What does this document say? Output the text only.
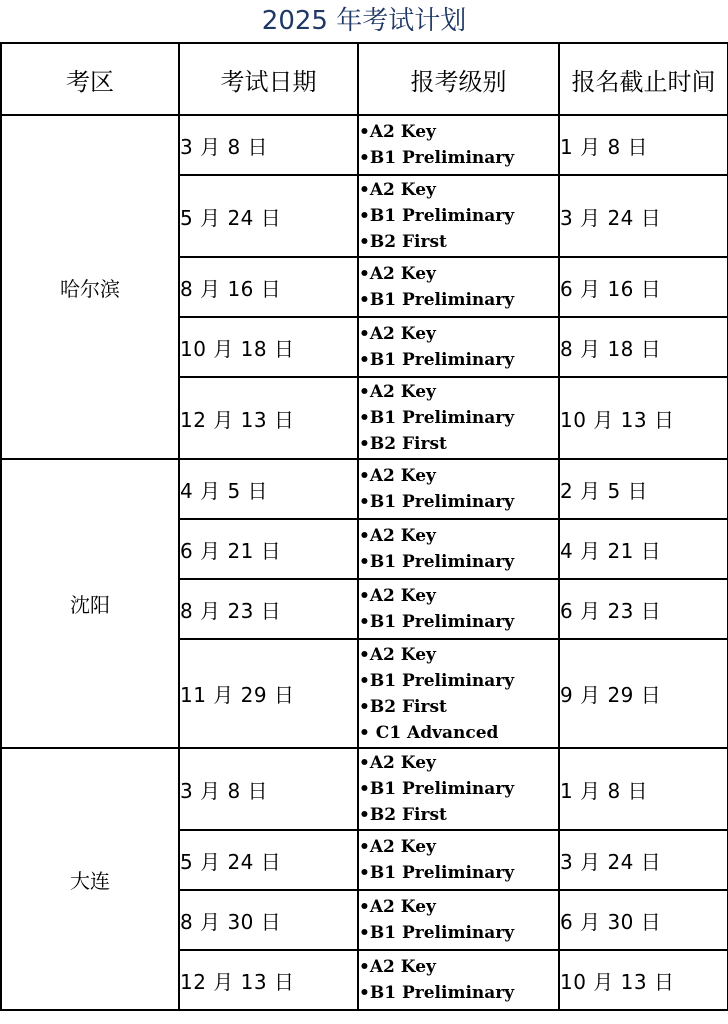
2025 年考试计划
考区	考试日期	报考级别	报名截止时间
哈尔滨	3 月 8 日	•A2 Key
•B1 Preliminary	1 月 8 日
	5 月 24 日	•A2 Key
•B1 Preliminary
•B2 First	3 月 24 日
	8 月 16 日	•A2 Key
•B1 Preliminary	6 月 16 日
	10 月 18 日	•A2 Key
•B1 Preliminary	8 月 18 日
	12 月 13 日	•A2 Key
•B1 Preliminary
•B2 First	10 月 13 日
沈阳	4 月 5 日	•A2 Key
•B1 Preliminary	2 月 5 日
	6 月 21 日	•A2 Key
•B1 Preliminary	4 月 21 日
	8 月 23 日	•A2 Key
•B1 Preliminary	6 月 23 日
	11 月 29 日	•A2 Key
•B1 Preliminary
•B2 First
• C1 Advanced	9 月 29 日
大连	3 月 8 日	•A2 Key
•B1 Preliminary
•B2 First	1 月 8 日
	5 月 24 日	•A2 Key
•B1 Preliminary	3 月 24 日
	8 月 30 日	•A2 Key
•B1 Preliminary	6 月 30 日
	12 月 13 日	•A2 Key
•B1 Preliminary	10 月 13 日
